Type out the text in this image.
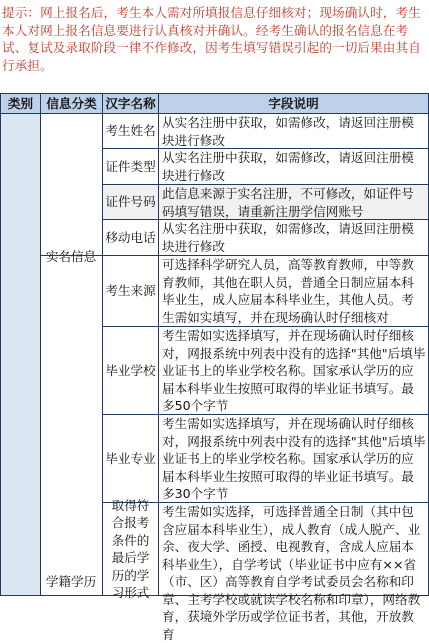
提示：网上报名后，考生本人需对所填报信息仔细核对；现场确认时，考生本人对网上报名信息要进行认真核对并确认。经考生确认的报名信息在考试、复试及录取阶段一律不作修改，因考生填写错误引起的一切后果由其自行承担。
类别	信息分类 汉字名称	字段说明
实名信息
学籍学历
考生姓名
从实名注册中获取，如需修改，请返回注册模块进行修改
证件类型
从实名注册中获取，如需修改，请返回注册模块进行修改
证件号码
此信息来源于实名注册，不可修改，如证件号码填写错误，请重新注册学信网账号
移动电话
从实名注册中获取，如需修改，请返回注册模块进行修改
考生来源
可选择科学研究人员，高等教育教师，中等教育教师，其他在职人员，普通全日制应届本科毕业生，成人应届本科毕业生，其他人员。考生需如实填写，并在现场确认时仔细核对
毕业学校
考生需如实选择填写，并在现场确认时仔细核对，网报系统中列表中没有的选择"其他"后填毕业证书上的毕业学校名称。国家承认学历的应届本科毕业生按照可取得的毕业证书填写。最多50个字节
毕业专业
考生需如实选择填写，并在现场确认时仔细核对，网报系统中列表中没有的选择"其他"后填毕业证书上的毕业学校名称。国家承认学历的应届本科毕业生按照可取得的毕业证书填写。最多30个字节
取得符合报考条件的最后学历的学习形式
考生需如实选择，可选择普通全日制（其中包含应届本科毕业生），成人教育（成人脱产、业余、夜大学、函授、电视教育，含成人应届本科毕业生），自学考试（毕业证书中应有××省（市、区）高等教育自学考试委员会名称和印章、主考学校或就读学校名称和印章），网络教育，获境外学历或学位证书者，其他，开放教育
